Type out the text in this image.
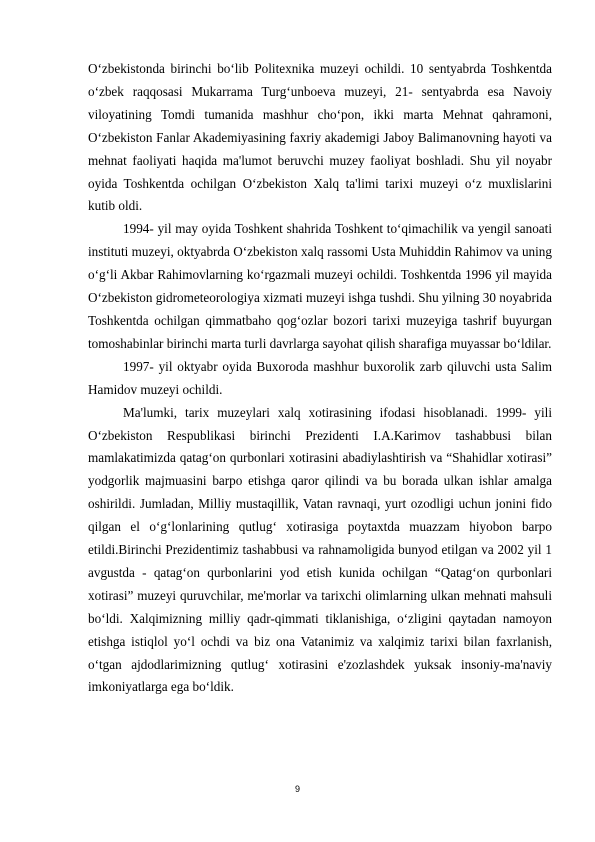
O‘zbekistonda birinchi bo‘lib Politexnika muzeyi ochildi. 10 sentyabrda Toshkentda o‘zbek raqqosasi Mukarrama Turg‘unboeva muzeyi, 21- sentyabrda esa Navoiy viloyatining Tomdi tumanida mashhur cho‘pon, ikki marta Mehnat qahramoni, O‘zbekiston Fanlar Akademiyasining faxriy akademigi Jaboy Balimanovning hayoti va mehnat faoliyati haqida ma'lumot beruvchi muzey faoliyat boshladi. Shu yil noyabr oyida Toshkentda ochilgan O‘zbekiston Xalq ta'limi tarixi muzeyi o‘z muxlislarini kutib oldi.

1994- yil may oyida Toshkent shahrida Toshkent to‘qimachilik va yengil sanoati instituti muzeyi, oktyabrda O‘zbekiston xalq rassomi Usta Muhiddin Rahimov va uning o‘g‘li Akbar Rahimovlarning ko‘rgazmali muzeyi ochildi. Toshkentda 1996 yil mayida O‘zbekiston gidrometeorologiya xizmati muzeyi ishga tushdi. Shu yilning 30 noyabrida Toshkentda ochilgan qimmatbaho qog‘ozlar bozori tarixi muzeyiga tashrif buyurgan tomoshabinlar birinchi marta turli davrlarga sayohat qilish sharafiga muyassar bo‘ldilar.

1997- yil oktyabr oyida Buxoroda mashhur buxorolik zarb qiluvchi usta Salim Hamidov muzeyi ochildi.

Ma'lumki, tarix muzeylari xalq xotirasining ifodasi hisoblanadi. 1999- yili O‘zbekiston Respublikasi birinchi Prezidenti I.A.Karimov tashabbusi bilan mamlakatimizda qatag‘on qurbonlari xotirasini abadiylashtirish va “Shahidlar xotirasi” yodgorlik majmuasini barpo etishga qaror qilindi va bu borada ulkan ishlar amalga oshirildi. Jumladan, Milliy mustaqillik, Vatan ravnaqi, yurt ozodligi uchun jonini fido qilgan el o‘g‘lonlarining qutlug‘ xotirasiga poytaxtda muazzam hiyobon barpo etildi.Birinchi Prezidentimiz tashabbusi va rahnamoligida bunyod etilgan va 2002 yil 1 avgustda - qatag‘on qurbonlarini yod etish kunida ochilgan “Qatag‘on qurbonlari xotirasi” muzeyi quruvchilar, me'morlar va tarixchi olimlarning ulkan mehnati mahsuli bo‘ldi. Xalqimizning milliy qadr-qimmati tiklanishiga, o‘zligini qaytadan namoyon etishga istiqlol yo‘l ochdi va biz ona Vatanimiz va xalqimiz tarixi bilan faxrlanish, o‘tgan ajdodlarimizning qutlug‘ xotirasini e'zozlashdek yuksak insoniy-ma'naviy imkoniyatlarga ega bo‘ldik.

9
